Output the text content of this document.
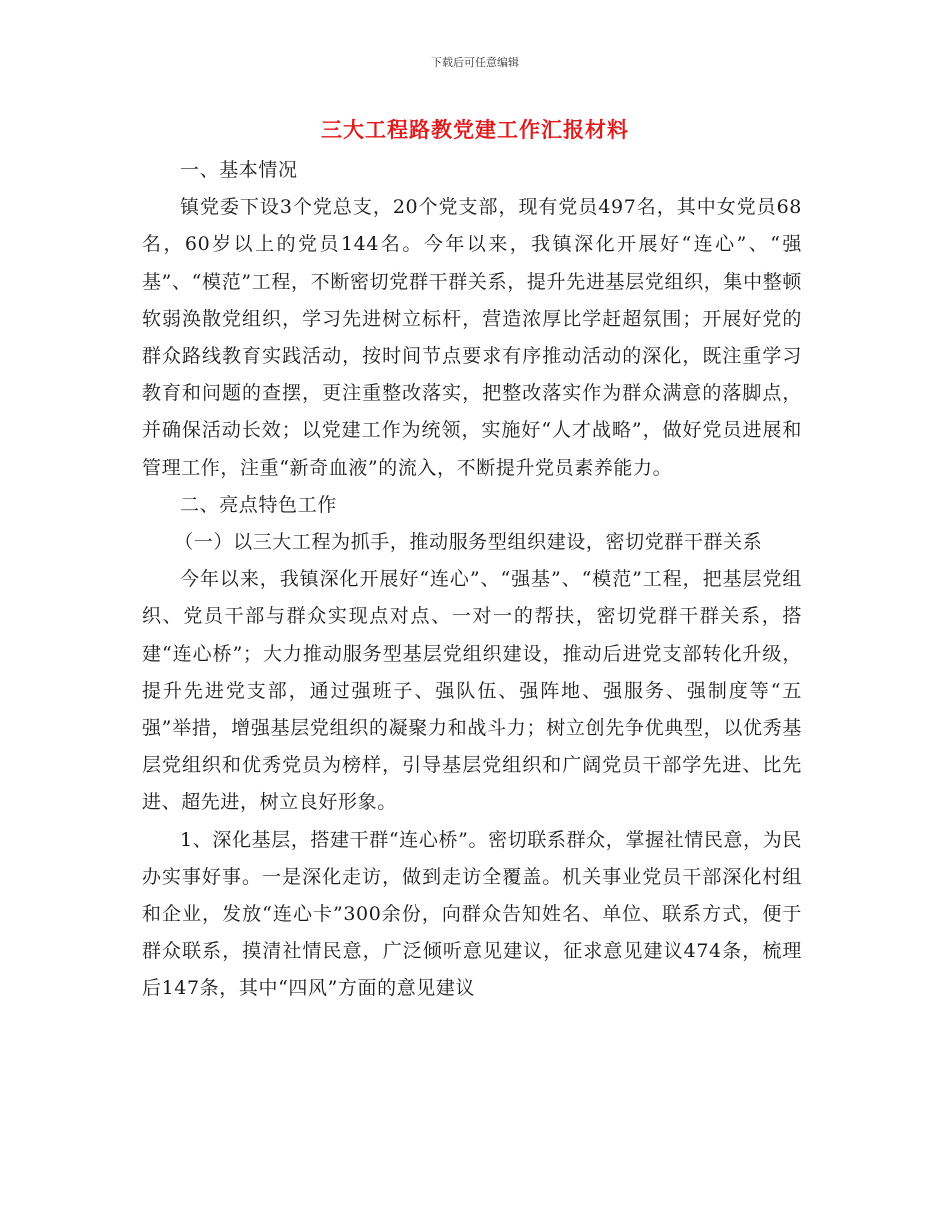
下载后可任意编辑
三大工程路教党建工作汇报材料

一、基本情况

镇党委下设3个党总支，20个党支部，现有党员497名，其中女党员68名，60岁以上的党员144名。今年以来，我镇深化开展好“连心”、“强基”、“模范”工程，不断密切党群干群关系，提升先进基层党组织，集中整顿软弱涣散党组织，学习先进树立标杆，营造浓厚比学赶超氛围；开展好党的群众路线教育实践活动，按时间节点要求有序推动活动的深化，既注重学习教育和问题的查摆，更注重整改落实，把整改落实作为群众满意的落脚点，并确保活动长效；以党建工作为统领，实施好“人才战略”，做好党员进展和管理工作，注重“新奇血液”的流入，不断提升党员素养能力。

二、亮点特色工作

（一）以三大工程为抓手，推动服务型组织建设，密切党群干群关系

今年以来，我镇深化开展好“连心”、“强基”、“模范”工程，把基层党组织、党员干部与群众实现点对点、一对一的帮扶，密切党群干群关系，搭建“连心桥”；大力推动服务型基层党组织建设，推动后进党支部转化升级，提升先进党支部，通过强班子、强队伍、强阵地、强服务、强制度等“五强”举措，增强基层党组织的凝聚力和战斗力；树立创先争优典型，以优秀基层党组织和优秀党员为榜样，引导基层党组织和广阔党员干部学先进、比先进、超先进，树立良好形象。

1、深化基层，搭建干群“连心桥”。密切联系群众，掌握社情民意，为民办实事好事。一是深化走访，做到走访全覆盖。机关事业党员干部深化村组和企业，发放“连心卡”300余份，向群众告知姓名、单位、联系方式，便于群众联系，摸清社情民意，广泛倾听意见建议，征求意见建议474条，梳理后147条，其中“四风”方面的意见建议
